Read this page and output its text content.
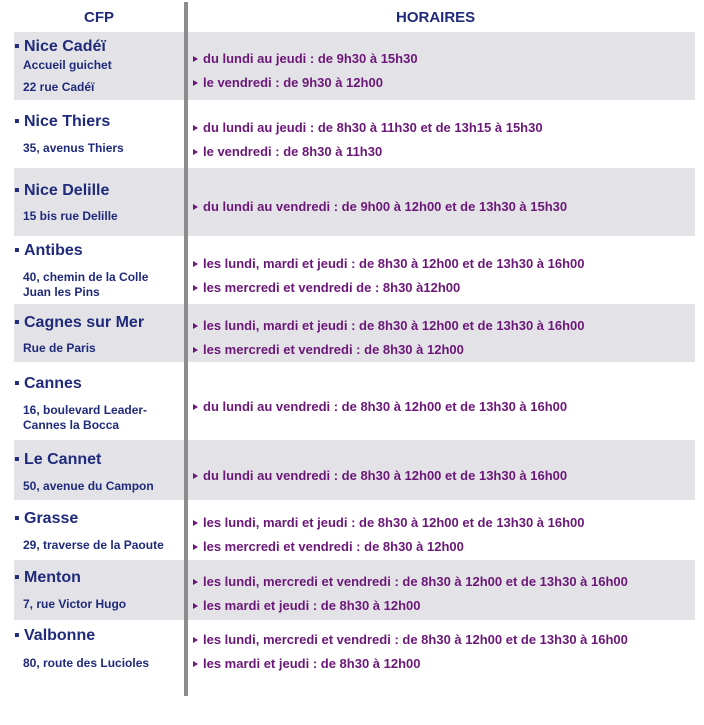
CFP	HORAIRES
▪ Nice Cadéï
Accueil guichet
22 rue Cadéï
du lundi au jeudi : de 9h30 à 15h30
le vendredi : de 9h30 à 12h00
▪ Nice Thiers
35, avenus Thiers
du lundi au jeudi : de 8h30 à 11h30 et de 13h15 à 15h30
le vendredi : de 8h30 à 11h30
▪ Nice Delille
15 bis rue Delille
du lundi au vendredi : de 9h00 à 12h00 et de 13h30 à 15h30
▪ Antibes
40, chemin de la Colle
Juan les Pins
les lundi, mardi et jeudi : de 8h30 à 12h00 et de 13h30 à 16h00
les mercredi et vendredi de : 8h30 à12h00
▪ Cagnes sur Mer
Rue de Paris
les lundi, mardi et jeudi : de 8h30 à 12h00 et de 13h30 à 16h00
les mercredi et vendredi : de 8h30 à 12h00
▪ Cannes
16, boulevard Leader-
Cannes la Bocca
du lundi au vendredi : de 8h30 à 12h00 et de 13h30 à 16h00
▪ Le Cannet
50, avenue du Campon
du lundi au vendredi : de 8h30 à 12h00 et de 13h30 à 16h00
▪ Grasse
29, traverse de la Paoute
les lundi, mardi et jeudi : de 8h30 à 12h00 et de 13h30 à 16h00
les mercredi et vendredi : de 8h30 à 12h00
▪ Menton
7, rue Victor Hugo
les lundi, mercredi et vendredi : de 8h30 à 12h00 et de 13h30 à 16h00
les mardi et jeudi : de 8h30 à 12h00
▪ Valbonne
80, route des Lucioles
les lundi, mercredi et vendredi : de 8h30 à 12h00 et de 13h30 à 16h00
les mardi et jeudi : de 8h30 à 12h00
